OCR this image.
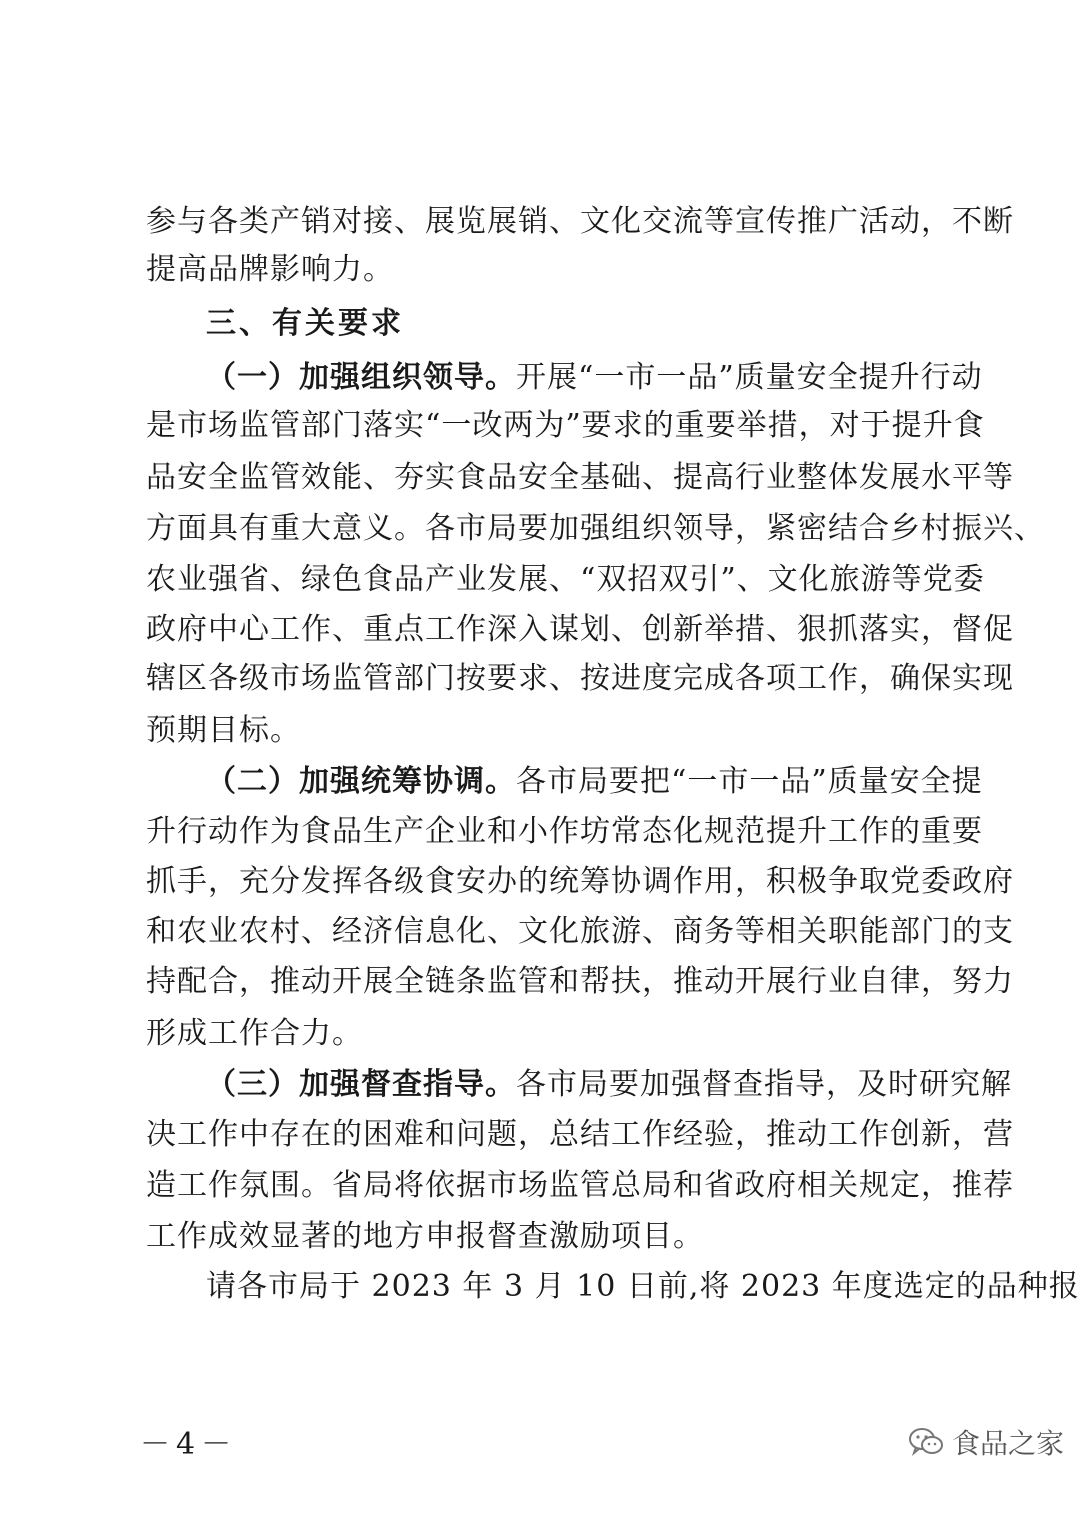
参与各类产销对接、展览展销、文化交流等宣传推广活动，不断
提高品牌影响力。
三、有关要求
（一）加强组织领导。开展“一市一品”质量安全提升行动
是市场监管部门落实“一改两为”要求的重要举措，对于提升食
品安全监管效能、夯实食品安全基础、提高行业整体发展水平等
方面具有重大意义。各市局要加强组织领导，紧密结合乡村振兴、
农业强省、绿色食品产业发展、“双招双引”、文化旅游等党委
政府中心工作、重点工作深入谋划、创新举措、狠抓落实，督促
辖区各级市场监管部门按要求、按进度完成各项工作，确保实现
预期目标。
（二）加强统筹协调。各市局要把“一市一品”质量安全提
升行动作为食品生产企业和小作坊常态化规范提升工作的重要
抓手，充分发挥各级食安办的统筹协调作用，积极争取党委政府
和农业农村、经济信息化、文化旅游、商务等相关职能部门的支
持配合，推动开展全链条监管和帮扶，推动开展行业自律，努力
形成工作合力。
（三）加强督查指导。各市局要加强督查指导，及时研究解
决工作中存在的困难和问题，总结工作经验，推动工作创新，营
造工作氛围。省局将依据市场监管总局和省政府相关规定，推荐
工作成效显著的地方申报督查激励项目。
请各市局于 2023 年 3 月 10 日前,将 2023 年度选定的品种报
－4－	食品之家
